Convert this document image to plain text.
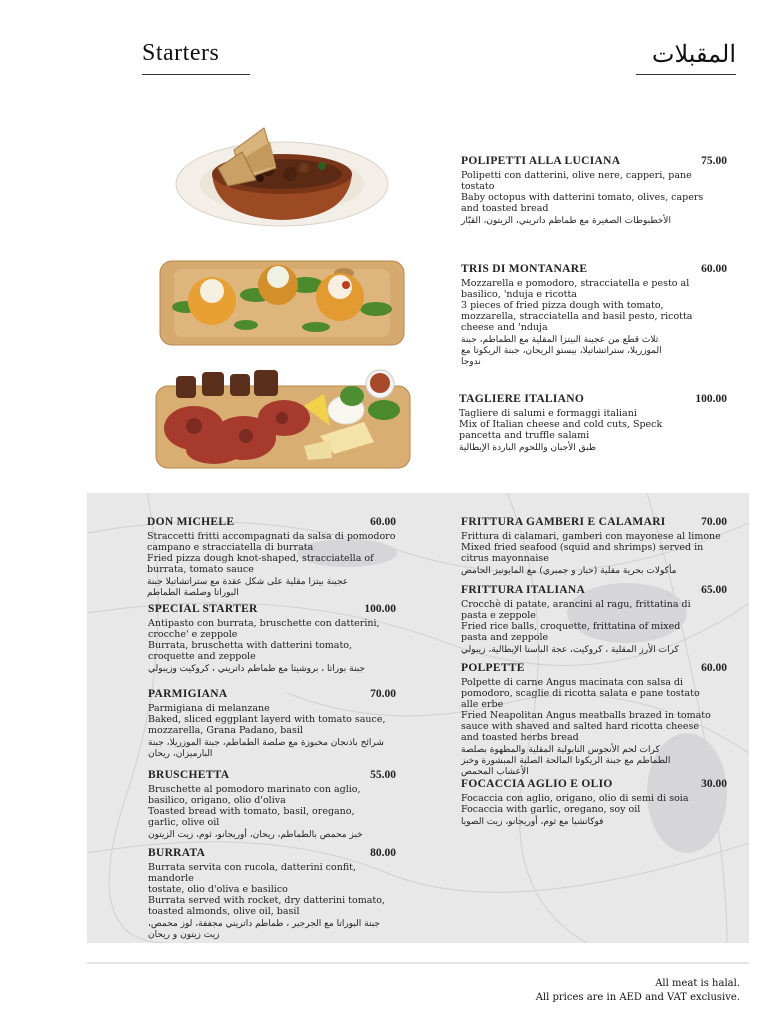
Starters	المقبلات
POLIPETTI ALLA LUCIANA	75.00
Polipetti con datterini, olive nere, capperi, pane
tostato
Baby octopus with datterini tomato, olives, capers
and toasted bread
الأخطبوطات الصغيرة مع طماطم داتريني، الزيتون، القبّار
TRIS DI MONTANARE	60.00
Mozzarella e pomodoro, stracciatella e pesto al
basilico, 'nduja e ricotta
3 pieces of fried pizza dough with tomato,
mozzarella, stracciatella and basil pesto, ricotta
cheese and 'nduja
ثلاث قطع من عجينة البيتزا المقلية مع الطماطم، جبنة
الموزريلا، ستراتشاتيلا، بيستو الريحان، جبنة الريكوتا مع
ندوجا
TAGLIERE ITALIANO	100.00
Tagliere di salumi e formaggi italiani
Mix of Italian cheese and cold cuts, Speck
pancetta and truffle salami
طبق الأجبان واللحوم الباردة الإيطالية
DON MICHELE	60.00
Straccetti fritti accompagnati da salsa di pomodoro
campano e stracciatella di burrata
Fried pizza dough knot-shaped, stracciatella of
burrata, tomato sauce
عجينة بيتزا مقلية على شكل عقدة مع ستراتشاتيلا جبنة
البوراتا وصلصة الطماطم
SPECIAL STARTER	100.00
Antipasto con burrata, bruschette con datterini,
crocche' e zeppole
Burrata, bruschetta with datterini tomato,
croquette and zeppole
جبنة بوراتا ، بروشيتا مع طماطم داتريني ، كروكيت وزيبولي
PARMIGIANA	70.00
Parmigiana di melanzane
Baked, sliced eggplant layerd with tomato sauce,
mozzarella, Grana Padano, basil
شرائح باذنجان مخبوزة مع صلصة الطماطم، جبنة الموزريلا، جبنة
البارميزان، ريحان
BRUSCHETTA	55.00
Bruschette al pomodoro marinato con aglio,
basilico, origano, olio d'oliva
Toasted bread with tomato, basil, oregano,
garlic, olive oil
خبز محمص بالطماطم، ريحان، أوريجانو، ثوم، زيت الزيتون
BURRATA	80.00
Burrata servita con rucola, datterini confit, mandorle
tostate, olio d'oliva e basilico
Burrata served with rocket, dry datterini tomato,
toasted almonds, olive oil, basil
جبنة البوراتا مع الجرجير ، طماطم داتريني مجففة، لوز محمص،
زيت زيتون و ريحان
FRITTURA GAMBERI E CALAMARI	70.00
Frittura di calamari, gamberi con mayonese al limone
Mixed fried seafood (squid and shrimps) served in
citrus mayonnaise
مأكولات بحرية مقلية (حبار و جمبري) مع المايونيز الحامض
FRITTURA ITALIANA	65.00
Crocchè di patate, arancini al ragu, frittatina di
pasta e zeppole
Fried rice balls, croquette, frittatina of mixed
pasta and zeppole
كرات الأرز المقلية ، كروكيت، عجة الباستا الإيطالية، زيبولي
POLPETTE	60.00
Polpette di carne Angus macinata con salsa di
pomodoro, scaglie di ricotta salata e pane tostato
alle erbe
Fried Neapolitan Angus meatballs brazed in tomato
sauce with shaved and salted hard ricotta cheese
and toasted herbs bread
كرات لحم الأنجوس النابولية المقلية والمطهوة بصلصة
الطماطم مع جبنة الريكوتا المالحة الصلبة المبشورة وخبز
الأعشاب المحمص
FOCACCIA AGLIO E OLIO	30.00
Focaccia con aglio, origano, olio di semi di soia
Focaccia with garlic, oregano, soy oil
فوكاتشيا مع ثوم، أوريجانو، زيت الصويا
All meat is halal.
All prices are in AED and VAT exclusive.
